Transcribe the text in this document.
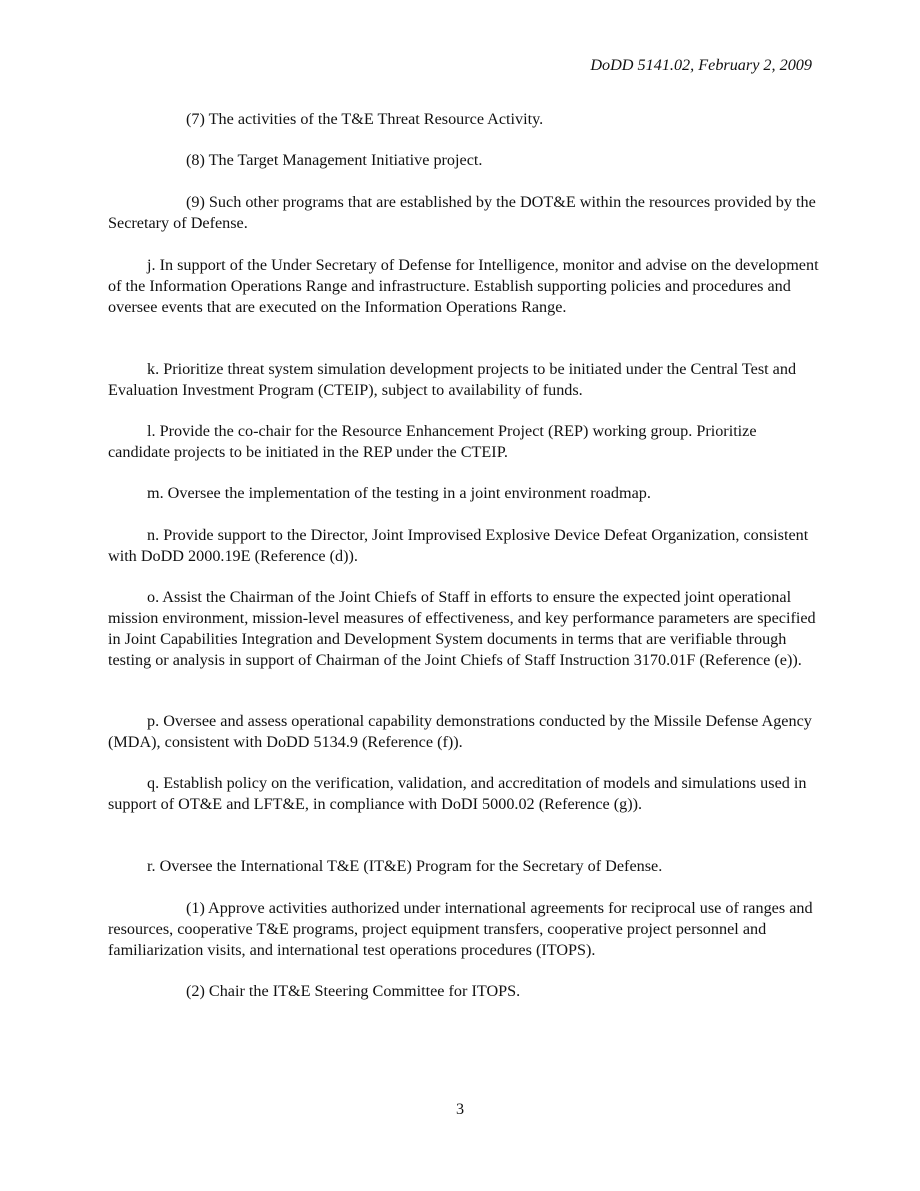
DoDD 5141.02, February 2, 2009

(7) The activities of the T&E Threat Resource Activity.

(8) The Target Management Initiative project.

(9) Such other programs that are established by the DOT&E within the resources provided by the Secretary of Defense.

j. In support of the Under Secretary of Defense for Intelligence, monitor and advise on the development of the Information Operations Range and infrastructure. Establish supporting policies and procedures and oversee events that are executed on the Information Operations Range.

k. Prioritize threat system simulation development projects to be initiated under the Central Test and Evaluation Investment Program (CTEIP), subject to availability of funds.

l. Provide the co-chair for the Resource Enhancement Project (REP) working group. Prioritize candidate projects to be initiated in the REP under the CTEIP.

m. Oversee the implementation of the testing in a joint environment roadmap.

n. Provide support to the Director, Joint Improvised Explosive Device Defeat Organization, consistent with DoDD 2000.19E (Reference (d)).

o. Assist the Chairman of the Joint Chiefs of Staff in efforts to ensure the expected joint operational mission environment, mission-level measures of effectiveness, and key performance parameters are specified in Joint Capabilities Integration and Development System documents in terms that are verifiable through testing or analysis in support of Chairman of the Joint Chiefs of Staff Instruction 3170.01F (Reference (e)).

p. Oversee and assess operational capability demonstrations conducted by the Missile Defense Agency (MDA), consistent with DoDD 5134.9 (Reference (f)).

q. Establish policy on the verification, validation, and accreditation of models and simulations used in support of OT&E and LFT&E, in compliance with DoDI 5000.02 (Reference (g)).

r. Oversee the International T&E (IT&E) Program for the Secretary of Defense.

(1) Approve activities authorized under international agreements for reciprocal use of ranges and resources, cooperative T&E programs, project equipment transfers, cooperative project personnel and familiarization visits, and international test operations procedures (ITOPS).

(2) Chair the IT&E Steering Committee for ITOPS.

3
